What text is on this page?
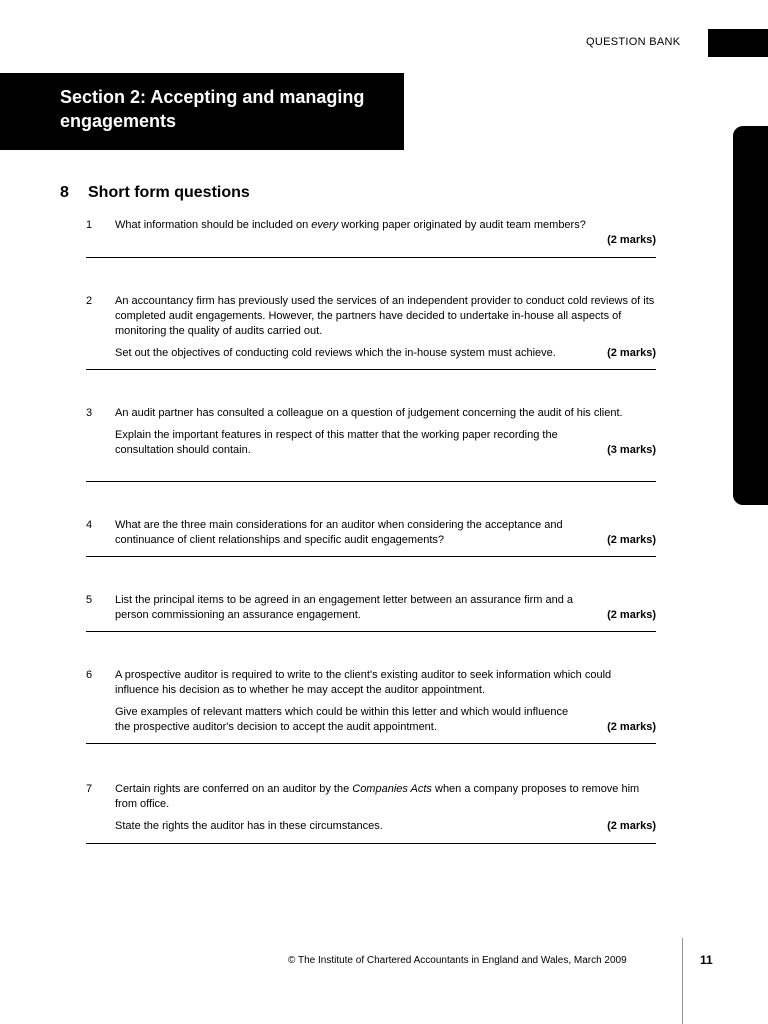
QUESTION BANK
Section 2: Accepting and managing engagements
8 Short form questions
1 What information should be included on every working paper originated by audit team members?

(2 marks)

2 An accountancy firm has previously used the services of an independent provider to conduct cold reviews of its completed audit engagements. However, the partners have decided to undertake in-house all aspects of monitoring the quality of audits carried out.

(2 marks)
Set out the objectives of conducting cold reviews which the in-house system must achieve.

3 An audit partner has consulted a colleague on a question of judgement concerning the audit of his client.

(3 marks)
Explain the important features in respect of this matter that the working paper recording the consultation should contain.

4

(2 marks)
What are the three main considerations for an auditor when considering the acceptance and continuance of client relationships and specific audit engagements?

5

(2 marks)
List the principal items to be agreed in an engagement letter between an assurance firm and a person commissioning an assurance engagement.

6 A prospective auditor is required to write to the client's existing auditor to seek information which could influence his decision as to whether he may accept the auditor appointment.

(2 marks)
Give examples of relevant matters which could be within this letter and which would influence the prospective auditor's decision to accept the audit appointment.

7 Certain rights are conferred on an auditor by the Companies Acts when a company proposes to remove him from office.

(2 marks)
State the rights the auditor has in these circumstances.

© The Institute of Chartered Accountants in England and Wales, March 2009	11
